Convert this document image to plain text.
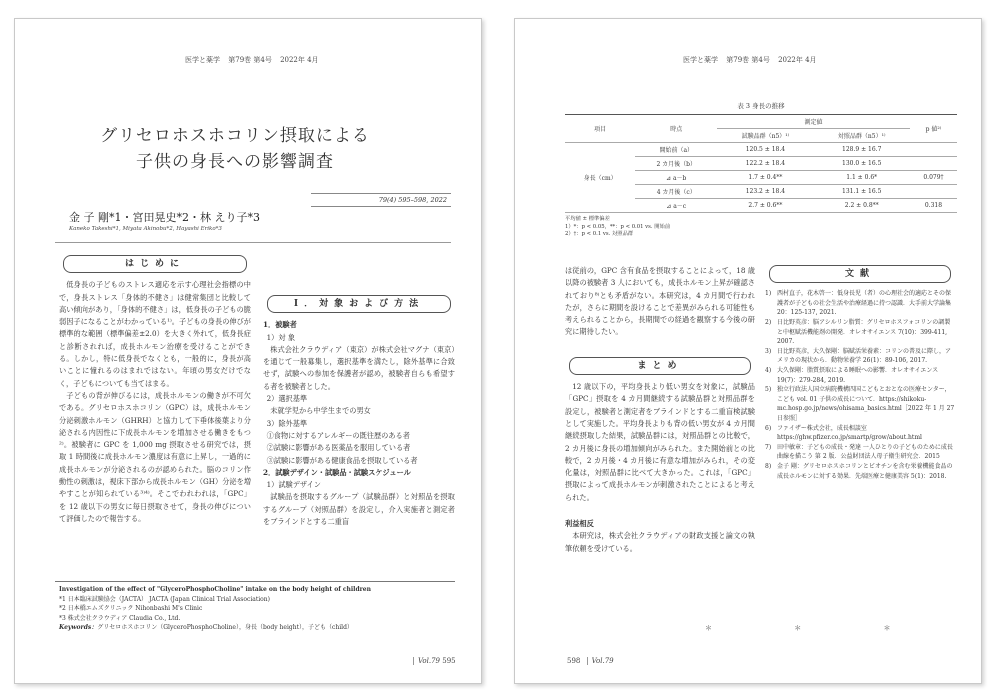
医学と薬学 第79巻 第4号 2022年 4月
グリセロホスホコリン摂取による
子供の身長への影響調査
79(4) 595–598, 2022
金 子 剛*1・宮田晃史*2・林 えり子*3
Kaneko Takeshi*1, Miyata Akinobu*2, Hayashi Eriko*3
はじめに

低身長の子どものストレス適応を示す心理社会指標の中で，身長ストレス「身体的不健さ」は健常集団と比較して高い傾向があり，「身体的不健さ」は，低身長の子どもの脆弱因子になることがわかっている¹⁾。子どもの身長の伸びが標準的な範囲（標準偏差±2.0）を大きく外れて，低身長症と診断されれば，成長ホルモン治療を受けることができる。しかし，特に低身長でなくとも，一般的に，身長が高いことに憧れるのはまれではない。年頃の男女だけでなく，子どもについても当てはまる。

子どもの背が伸びるには，成長ホルモンの働きが不可欠である。グリセロホスホコリン（GPC）は，成長ホルモン分泌刺激ホルモン（GHRH）と協力して下垂体後葉より分泌される内因性に下成長ホルモンを増加させる働きをもつ²⁾。被験者に GPC を 1,000 mg 摂取させる研究では，摂取 1 時間後に成長ホルモン濃度は有意に上昇し，一過的に成長ホルモンが分泌されるのが認められた。脳のコリン作動性の刺激は，視床下部から成長ホルモン（GH）分泌を増やすことが知られている³⁾⁴⁾。そこでわれわれは，「GPC」を 12 歳以下の男女に毎日摂取させて，身長の伸びについて評価したので報告する。

I．対象および方法
1．被験者
1）対 象

株式会社クラウディア（東京）が株式会社マグナ（東京）を通じて一般募集し，選択基準を満たし，除外基準に合致せず，試験への参加を保護者が認め，被験者自らも希望する者を被験者とした。

2）選択基準

未就学児から中学生までの男女

3）除外基準
①食物に対するアレルギーの既往歴のある者
②試験に影響がある医薬品を服用している者
③試験に影響がある健康食品を摂取している者
2．試験デザイン・試験品・試験スケジュール
1）試験デザイン

試験品を摂取するグループ（試験品群）と対照品を摂取するグループ（対照品群）を設定し，介入実施者と測定者をブラインドとする二重盲

Investigation of the effect of "GlycerоPhosphoCholine" intake on the body height of children
*1 日本臨床試験協会（JACTA） JACTA (Japan Clinical Trial Association)
*2 日本橋エムズクリニック Nihonbashi M's Clinic
*3 株式会社クラウディア Claudia Co., Ltd.
Keywords：グリセロホスホコリン（GlycerоPhosphoCholine），身長（body height），子ども（child）
Vol.79 595
医学と薬学 第79巻 第4号 2022年 4月
表 3 身長の推移
項目	時点	測定値		p 値²⁾
		試験品群（n5）¹⁾	対照品群（n5）¹⁾	
身長（cm）	開始前（a）	120.5 ± 18.4	128.9 ± 16.7	
	2 カ月後（b）	122.2 ± 18.4	130.0 ± 16.5	
	⊿ a－b	1.7 ± 0.4**	1.1 ± 0.6*	0.079†
	4 カ月後（c）	123.2 ± 18.4	131.1 ± 16.5	
	⊿ a－c	2.7 ± 0.6**	2.2 ± 0.8**	0.318
平均値 ± 標準偏差
1）*：p < 0.05，**：p < 0.01 vs. 開始前
2）†：p < 0.1 vs. 対照品群

は従前の，GPC 含有食品を摂取することによって，18 歳以降の被験者 3 人においても，成長ホルモン上昇が確認されており⁸⁾とも矛盾がない。本研究は，4 カ月間で行われたが，さらに期間を設けることで差異がみられる可能性も考えられることから，長期間での経過を観察する今後の研究に期待したい。

まとめ

12 歳以下の，平均身長より低い男女を対象に，試験品「GPC」摂取を 4 カ月間継続する試験品群と対照品群を設定し，被験者と測定者をブラインドとする二重盲検試験として実施した。平均身長よりも背の低い男女が 4 カ月間継続摂取した結果，試験品群には，対照品群との比較で，2 カ月後に身長の増加傾向がみられた。また開始前との比較で，2 カ月後・4 カ月後に有意な増加がみられ，その変化量は，対照品群に比べて大きかった。これは，「GPC」摂取によって成長ホルモンが刺激されたことによると考えられた。

利益相反

本研究は，株式会社クラウディアの財政支援と論文の執筆依頼を受けている。

文献
1) 西村直子，花木啓一：低身長児（者）の心理社会的適応とその保護者が子どもの社会生活や治療経過に持つ認識．大手前大学論集 20：125-137, 2021.
2) 日比野英彦：脳アシルリン脂質：グリセロホスフォコリンの調製と中枢賦活機能剤の開発．オレオサイエンス 7(10)：399-411, 2007.
3) 日比野英彦，大久保剛：脳賦活栄養素：コリンの普及に際し，アメリカの現状から．動物栄養学 26(1)：89-106, 2017.
4) 大久保剛：脂質摂取による睡眠への影響．オレオサイエンス 19(7)：279-284, 2019.
5) 独立行政法人国立病院機構四国こどもとおとなの医療センター，こども vol. 01 子供の成長について．https://shikoku-mc.hosp.go.jp/news/ohisama_basics.html［2022 年 1 月 27 日参照］
6) ファイザー株式会社，成長相談室 https://ghw.pfizer.co.jp/smartp/grow/about.html
7) 田中敏章：子どもの成長・発達 一人ひとりの子どものために成長曲線を描こう 第 2 版．公益財団法人母子衛生研究会．2015
8) 金子 剛：グリセロホスホコリンとビオチンを含む栄養機能食品の成長ホルモンに対する効果．先端医療と健康美容 5(1)：2018.
＊ ＊ ＊
598 Vol.79
